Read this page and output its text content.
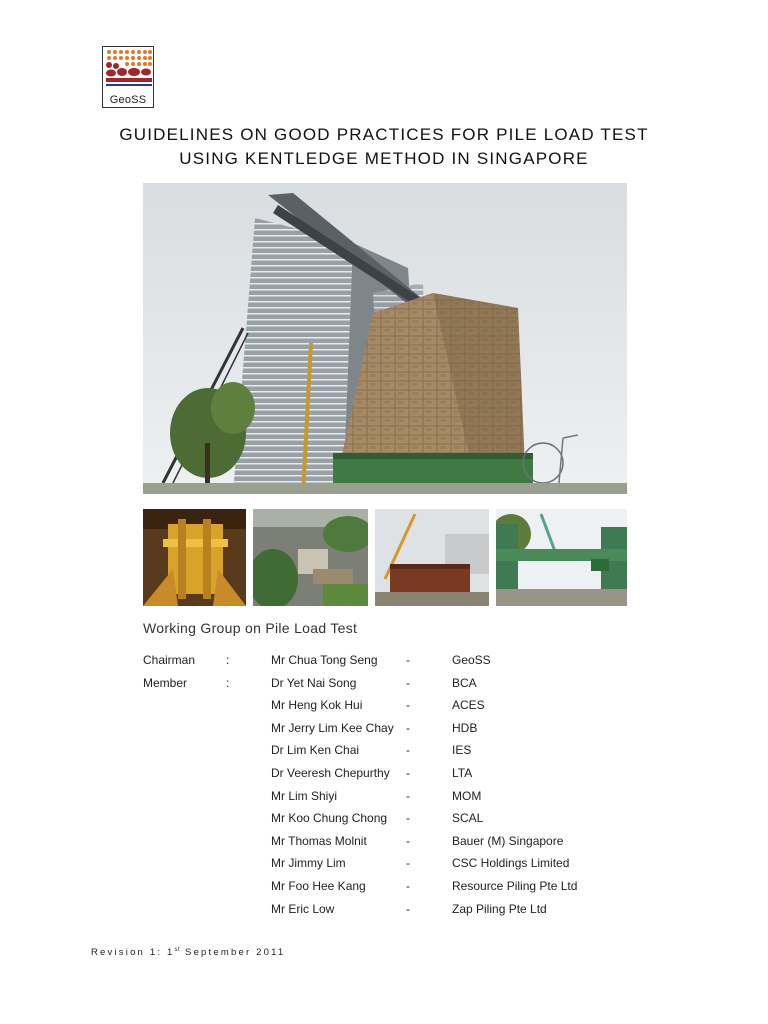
GeoSS
GUIDELINES ON GOOD PRACTICES FOR PILE LOAD TEST
USING KENTLEDGE METHOD IN SINGAPORE
Working Group on Pile Load Test
Chairman	:	Mr Chua Tong Seng -	GeoSS
Member	:	Dr Yet Nai Song	-	BCA
Mr Heng Kok Hui	-	ACES
Mr Jerry Lim Kee Chay -	HDB
Dr Lim Ken Chai	-	IES
Dr Veeresh Chepurthy -	LTA
Mr Lim Shiyi	-	MOM
Mr Koo Chung Chong -	SCAL
Mr Thomas Molnit	-	Bauer (M) Singapore
Mr Jimmy Lim	-	CSC Holdings Limited
Mr Foo Hee Kang	-	Resource Piling Pte Ltd
Mr Eric Low	-	Zap Piling Pte Ltd
Revision 1: 1st September 2011
